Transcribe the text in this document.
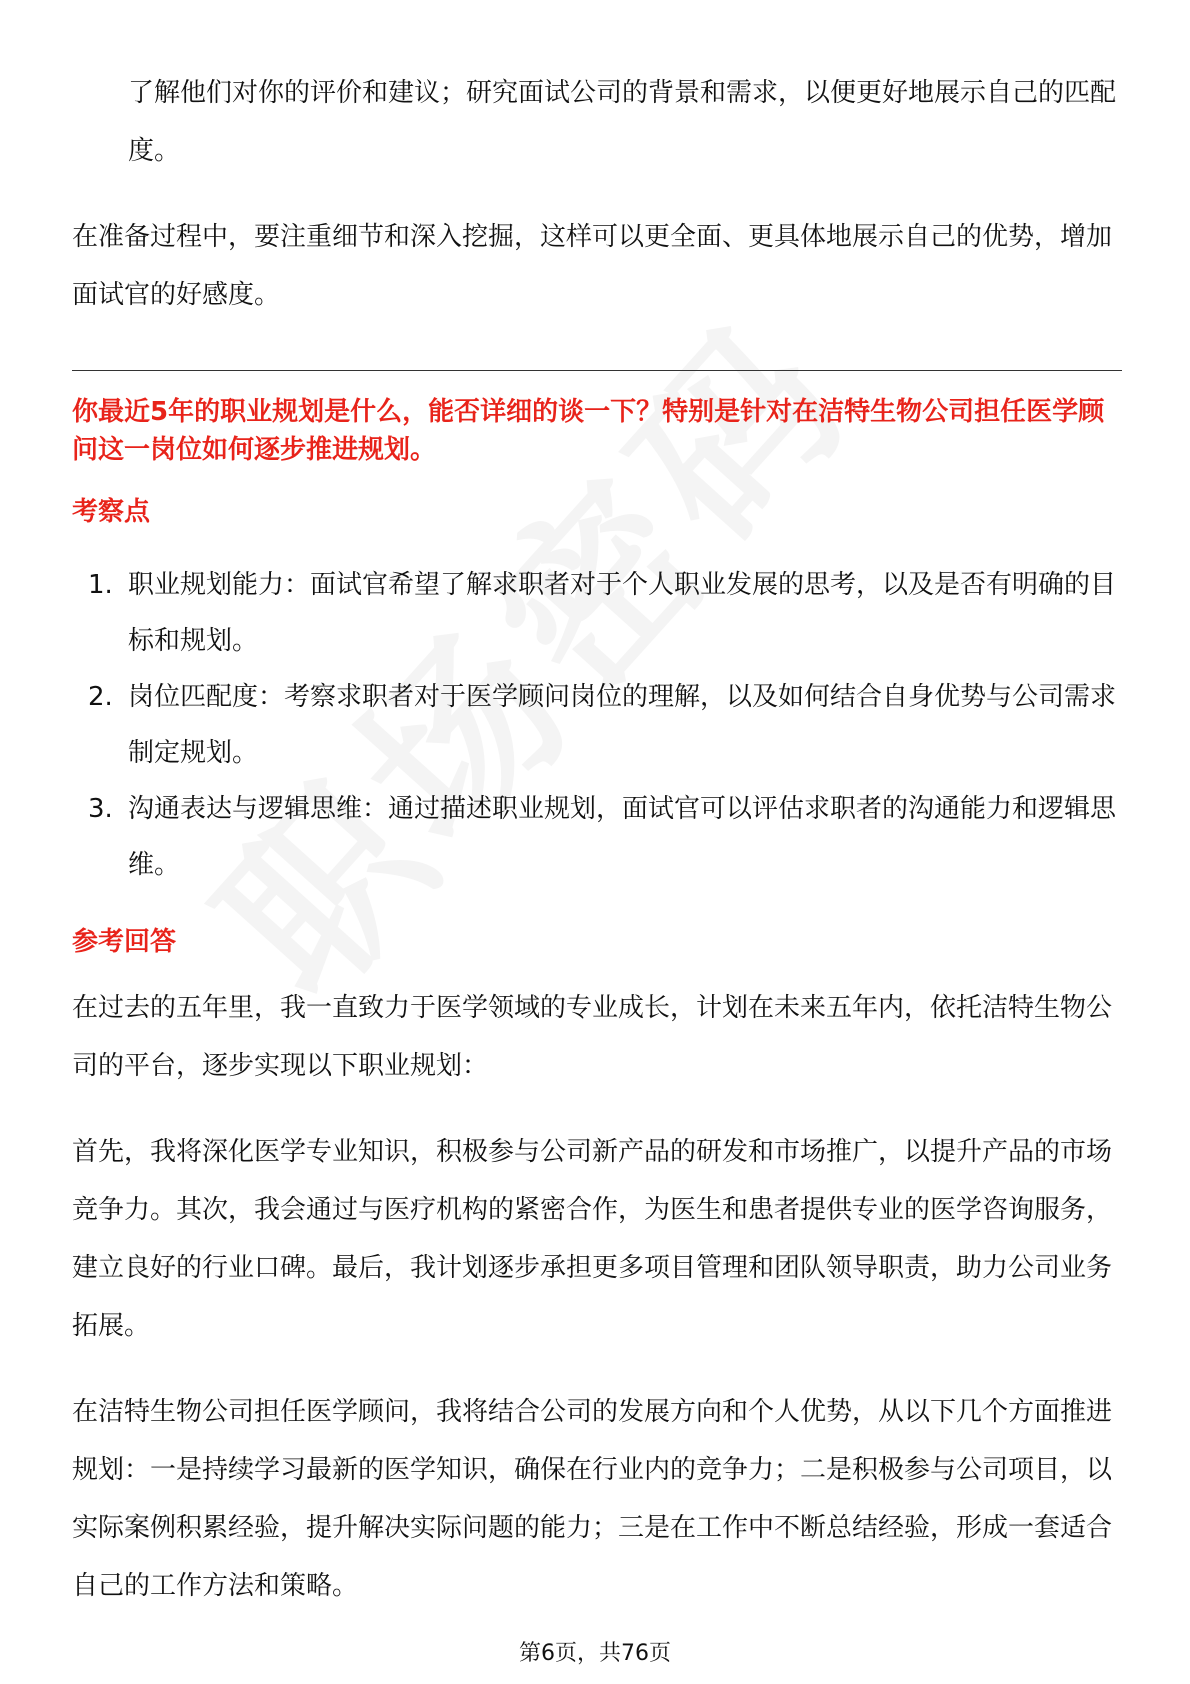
了解他们对你的评价和建议；研究面试公司的背景和需求，以便更好地展示自己的匹配度。

在准备过程中，要注重细节和深入挖掘，这样可以更全面、更具体地展示自己的优势，增加面试官的好感度。

你最近5年的职业规划是什么，能否详细的谈一下？特别是针对在洁特生物公司担任医学顾问这一岗位如何逐步推进规划。

考察点

1. 职业规划能力：面试官希望了解求职者对于个人职业发展的思考，以及是否有明确的目标和规划。
2. 岗位匹配度：考察求职者对于医学顾问岗位的理解，以及如何结合自身优势与公司需求制定规划。
3. 沟通表达与逻辑思维：通过描述职业规划，面试官可以评估求职者的沟通能力和逻辑思维。

参考回答

在过去的五年里，我一直致力于医学领域的专业成长，计划在未来五年内，依托洁特生物公司的平台，逐步实现以下职业规划：

首先，我将深化医学专业知识，积极参与公司新产品的研发和市场推广，以提升产品的市场竞争力。其次，我会通过与医疗机构的紧密合作，为医生和患者提供专业的医学咨询服务，建立良好的行业口碑。最后，我计划逐步承担更多项目管理和团队领导职责，助力公司业务拓展。

在洁特生物公司担任医学顾问，我将结合公司的发展方向和个人优势，从以下几个方面推进规划：一是持续学习最新的医学知识，确保在行业内的竞争力；二是积极参与公司项目，以实际案例积累经验，提升解决实际问题的能力；三是在工作中不断总结经验，形成一套适合自己的工作方法和策略。

第6页，共76页
